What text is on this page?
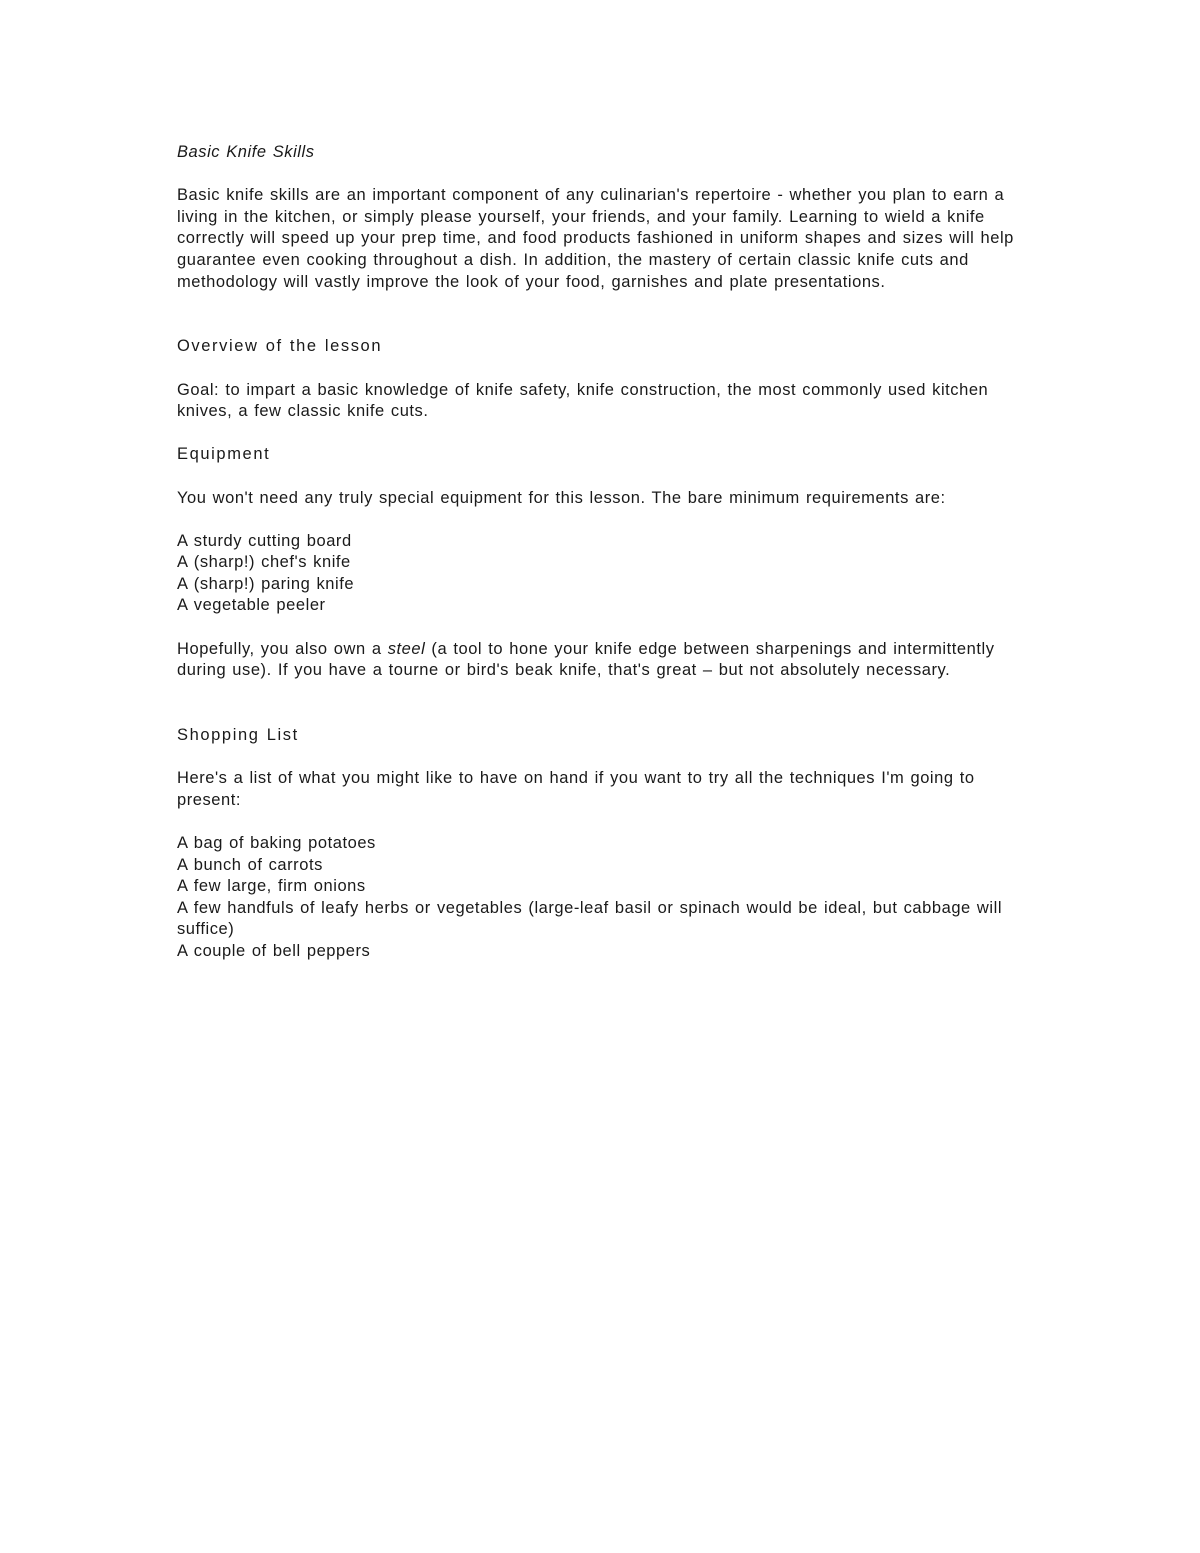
Basic Knife Skills

Basic knife skills are an important component of any culinarian's repertoire - whether you plan to earn a living in the kitchen, or simply please yourself, your friends, and your family. Learning to wield a knife correctly will speed up your prep time, and food products fashioned in uniform shapes and sizes will help guarantee even cooking throughout a dish. In addition, the mastery of certain classic knife cuts and methodology will vastly improve the look of your food, garnishes and plate presentations.

Overview of the lesson

Goal: to impart a basic knowledge of knife safety, knife construction, the most commonly used kitchen knives, a few classic knife cuts.

Equipment

You won't need any truly special equipment for this lesson. The bare minimum requirements are:

A sturdy cutting board
A (sharp!) chef's knife
A (sharp!) paring knife
A vegetable peeler

Hopefully, you also own a steel (a tool to hone your knife edge between sharpenings and intermittently during use). If you have a tourne or bird's beak knife, that's great – but not absolutely necessary.

Shopping List

Here's a list of what you might like to have on hand if you want to try all the techniques I'm going to present:

A bag of baking potatoes
A bunch of carrots
A few large, firm onions
A few handfuls of leafy herbs or vegetables (large-leaf basil or spinach would be ideal, but cabbage will suffice)
A couple of bell peppers
